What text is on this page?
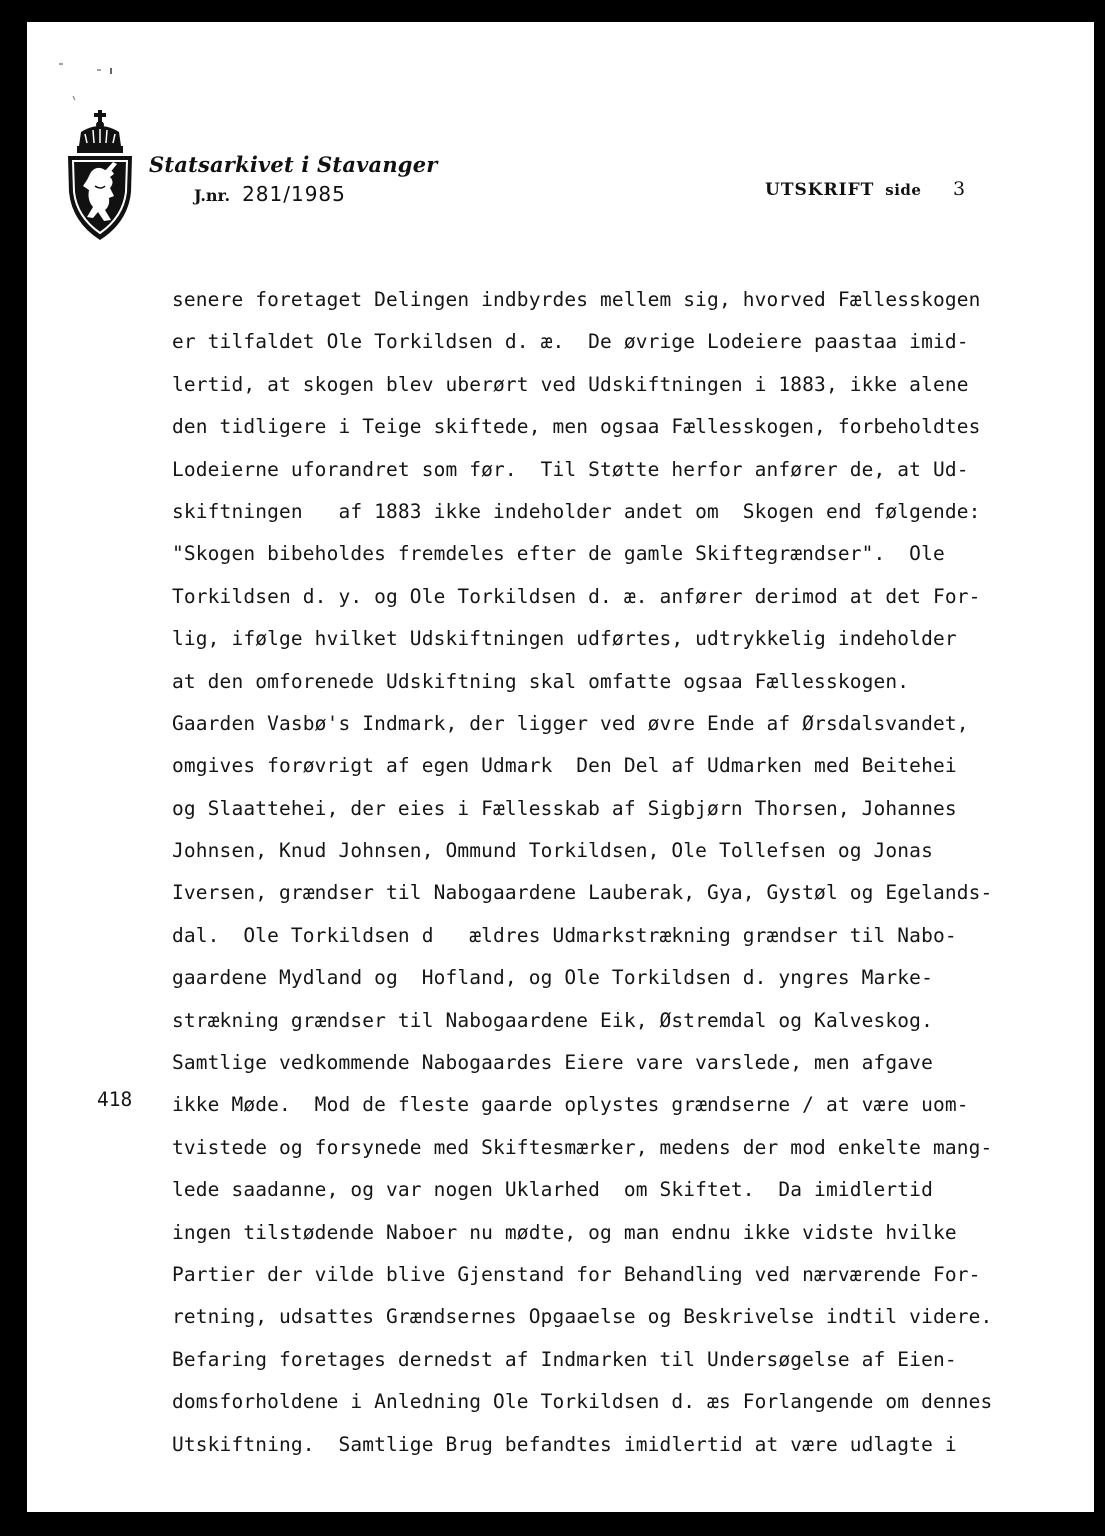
Statsarkivet i Stavanger
J.nr. 281/1985	UTSKRIFT side 3
418
senere foretaget Delingen indbyrdes mellem sig, hvorved Fællesskogen
er tilfaldet Ole Torkildsen d. æ.  De øvrige Lodeiere paastaa imid-
lertid, at skogen blev uberørt ved Udskiftningen i 1883, ikke alene
den tidligere i Teige skiftede, men ogsaa Fællesskogen, forbeholdtes
Lodeierne uforandret som før.  Til Støtte herfor anfører de, at Ud-
skiftningen   af 1883 ikke indeholder andet om  Skogen end følgende:
"Skogen bibeholdes fremdeles efter de gamle Skiftegrændser".  Ole
Torkildsen d. y. og Ole Torkildsen d. æ. anfører derimod at det For-
lig, ifølge hvilket Udskiftningen udførtes, udtrykkelig indeholder
at den omforenede Udskiftning skal omfatte ogsaa Fællesskogen.
Gaarden Vasbø's Indmark, der ligger ved øvre Ende af Ørsdalsvandet,
omgives forøvrigt af egen Udmark  Den Del af Udmarken med Beitehei
og Slaattehei, der eies i Fællesskab af Sigbjørn Thorsen, Johannes
Johnsen, Knud Johnsen, Ommund Torkildsen, Ole Tollefsen og Jonas
Iversen, grændser til Nabogaardene Lauberak, Gya, Gystøl og Egelands-
dal.  Ole Torkildsen d   ældres Udmarkstrækning grændser til Nabo-
gaardene Mydland og  Hofland, og Ole Torkildsen d. yngres Marke-
strækning grændser til Nabogaardene Eik, Østremdal og Kalveskog.
Samtlige vedkommende Nabogaardes Eiere vare varslede, men afgave
ikke Møde.  Mod de fleste gaarde oplystes grændserne / at være uom-
tvistede og forsynede med Skiftesmærker, medens der mod enkelte mang-
lede saadanne, og var nogen Uklarhed  om Skiftet.  Da imidlertid
ingen tilstødende Naboer nu mødte, og man endnu ikke vidste hvilke
Partier der vilde blive Gjenstand for Behandling ved nærværende For-
retning, udsattes Grændsernes Opgaaelse og Beskrivelse indtil videre.
Befaring foretages dernedst af Indmarken til Undersøgelse af Eien-
domsforholdene i Anledning Ole Torkildsen d. æs Forlangende om dennes
Utskiftning.  Samtlige Brug befandtes imidlertid at være udlagte i
